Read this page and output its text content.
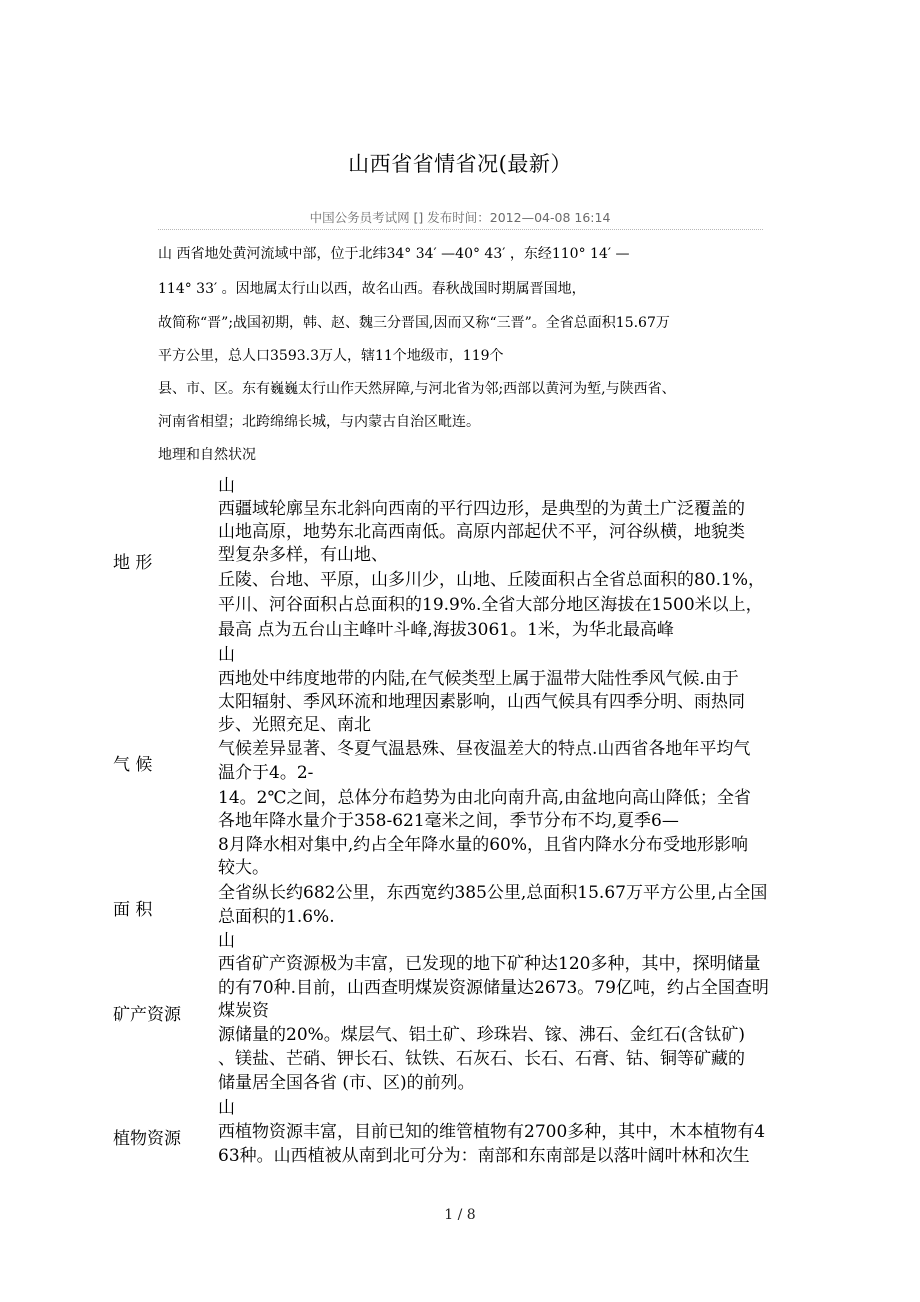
山西省省情省况(最新）
中国公务员考试网 [] 发布时间：2012—04-08 16:14
山 西省地处黄河流域中部，位于北纬34° 34′ —40° 43′ ，东经110° 14′ —
114° 33′ 。因地属太行山以西，故名山西。春秋战国时期属晋国地，
故简称“晋”;战国初期，韩、赵、魏三分晋国,因而又称“三晋”。全省总面积15.67万
平方公里，总人口3593.3万人，辖11个地级市，119个
县、市、区。东有巍巍太行山作天然屏障,与河北省为邻;西部以黄河为堑,与陕西省、
河南省相望；北跨绵绵长城，与内蒙古自治区毗连。
地理和自然状况
地 形
山
西疆域轮廓呈东北斜向西南的平行四边形，是典型的为黄土广泛覆盖的
山地高原，地势东北高西南低。高原内部起伏不平，河谷纵横，地貌类
型复杂多样，有山地、
丘陵、台地、平原，山多川少，山地、丘陵面积占全省总面积的80.1%，
平川、河谷面积占总面积的19.9%.全省大部分地区海拔在1500米以上，
最高 点为五台山主峰叶斗峰,海拔3061。1米，为华北最高峰
气 候
山
西地处中纬度地带的内陆,在气候类型上属于温带大陆性季风气候.由于
太阳辐射、季风环流和地理因素影响，山西气候具有四季分明、雨热同
步、光照充足、南北
气候差异显著、冬夏气温悬殊、昼夜温差大的特点.山西省各地年平均气
温介于4。2-
14。2℃之间，总体分布趋势为由北向南升高,由盆地向高山降低；全省
各地年降水量介于358-621毫米之间，季节分布不均,夏季6—
8月降水相对集中,约占全年降水量的60%，且省内降水分布受地形影响
较大。
面 积
全省纵长约682公里，东西宽约385公里,总面积15.67万平方公里,占全国
总面积的1.6%.
矿产资源
山
西省矿产资源极为丰富，已发现的地下矿种达120多种，其中，探明储量
的有70种.目前，山西查明煤炭资源储量达2673。79亿吨，约占全国查明
煤炭资
源储量的20%。煤层气、铝土矿、珍珠岩、镓、沸石、金红石(含钛矿)
、镁盐、芒硝、钾长石、钛铁、石灰石、长石、石膏、钴、铜等矿藏的
储量居全国各省 (市、区)的前列。
植物资源
山
西植物资源丰富，目前已知的维管植物有2700多种，其中，木本植物有4
63种。山西植被从南到北可分为：南部和东南部是以落叶阔叶林和次生
1 / 8
